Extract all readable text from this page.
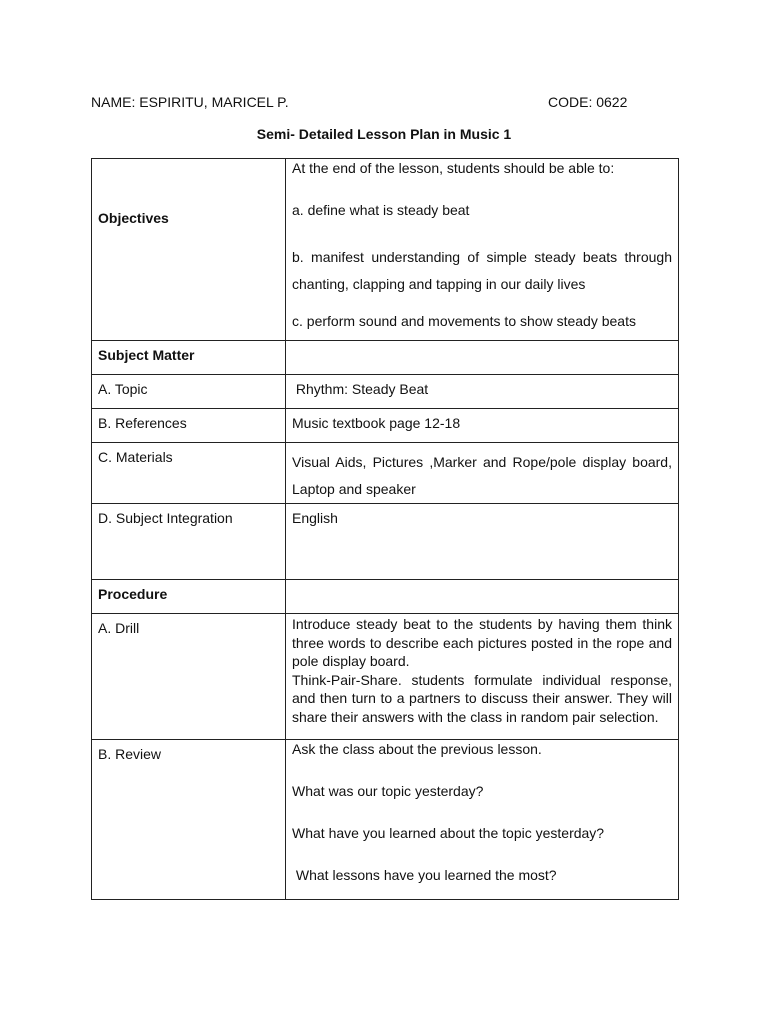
NAME: ESPIRITU, MARICEL P.	CODE: 0622
Semi- Detailed Lesson Plan in Music 1
Objectives	At the end of the lesson, students should be able to:
a. define what is steady beat
b. manifest understanding of simple steady beats through chanting, clapping and tapping in our daily lives
c. perform sound and movements to show steady beats

Subject Matter	
A. Topic	Rhythm: Steady Beat
B. References	Music textbook page 12-18
C. Materials	Visual Aids, Pictures ,Marker and Rope/pole display board, Laptop and speaker
D. Subject Integration	English
Procedure	
A. Drill	Introduce steady beat to the students by having them think three words to describe each pictures posted in the rope and pole display board.

Think-Pair-Share. students formulate individual response, and then turn to a partners to discuss their answer. They will share their answers with the class in random pair selection.

B. Review	Ask the class about the previous lesson.
What was our topic yesterday?
What have you learned about the topic yesterday?
What lessons have you learned the most?
